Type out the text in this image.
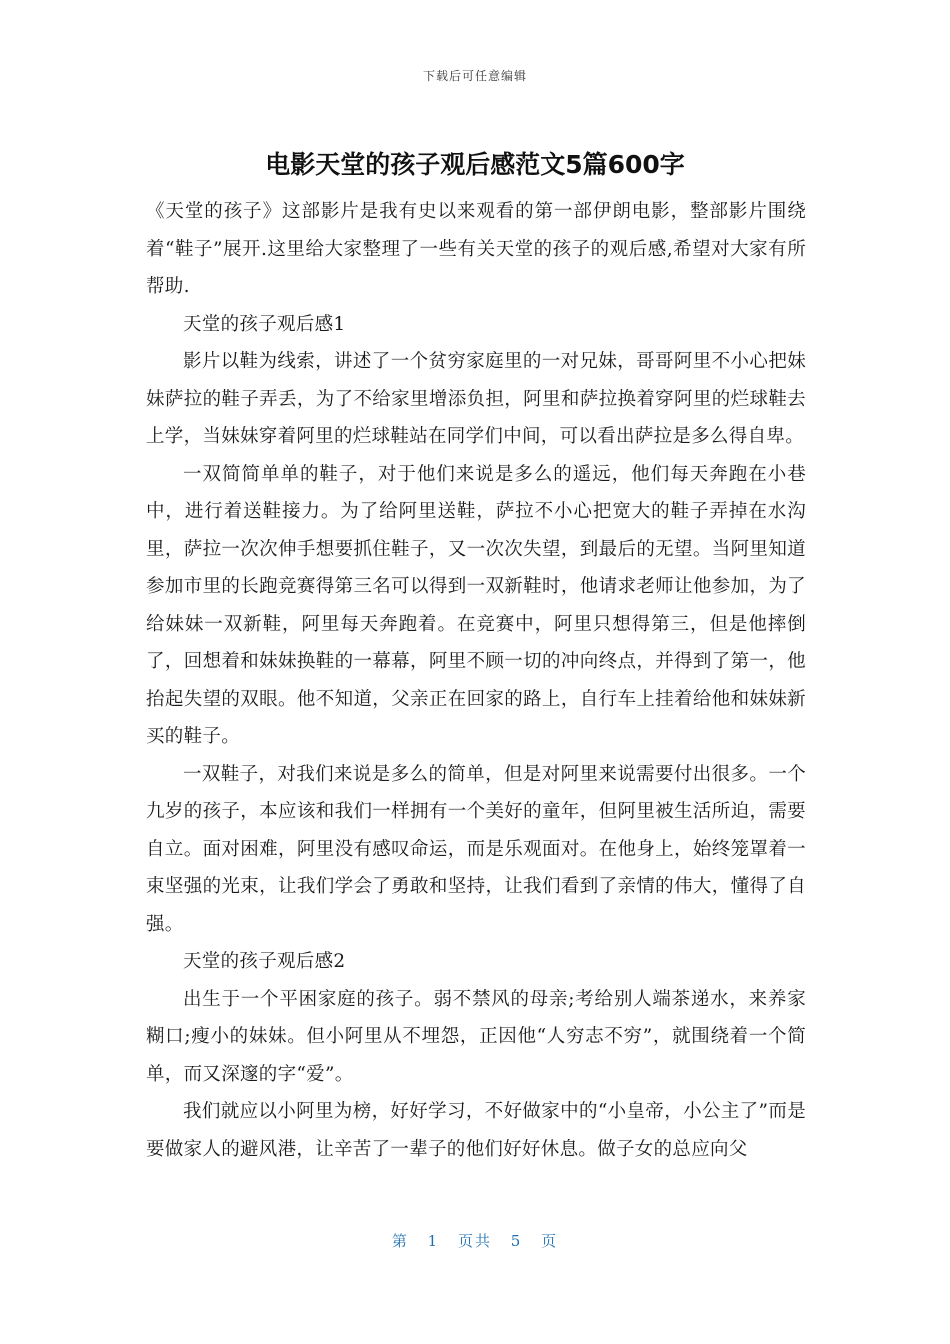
下载后可任意编辑
电影天堂的孩子观后感范文5篇600字

《天堂的孩子》这部影片是我有史以来观看的第一部伊朗电影，整部影片围绕着“鞋子”展开.这里给大家整理了一些有关天堂的孩子的观后感,希望对大家有所帮助.

天堂的孩子观后感1

影片以鞋为线索，讲述了一个贫穷家庭里的一对兄妹，哥哥阿里不小心把妹妹萨拉的鞋子弄丢，为了不给家里增添负担，阿里和萨拉换着穿阿里的烂球鞋去上学，当妹妹穿着阿里的烂球鞋站在同学们中间，可以看出萨拉是多么得自卑。

一双简简单单的鞋子，对于他们来说是多么的遥远，他们每天奔跑在小巷中，进行着送鞋接力。为了给阿里送鞋，萨拉不小心把宽大的鞋子弄掉在水沟里，萨拉一次次伸手想要抓住鞋子，又一次次失望，到最后的无望。当阿里知道参加市里的长跑竞赛得第三名可以得到一双新鞋时，他请求老师让他参加，为了给妹妹一双新鞋，阿里每天奔跑着。在竞赛中，阿里只想得第三，但是他摔倒了，回想着和妹妹换鞋的一幕幕，阿里不顾一切的冲向终点，并得到了第一，他抬起失望的双眼。他不知道，父亲正在回家的路上，自行车上挂着给他和妹妹新买的鞋子。

一双鞋子，对我们来说是多么的简单，但是对阿里来说需要付出很多。一个九岁的孩子，本应该和我们一样拥有一个美好的童年，但阿里被生活所迫，需要自立。面对困难，阿里没有感叹命运，而是乐观面对。在他身上，始终笼罩着一束坚强的光束，让我们学会了勇敢和坚持，让我们看到了亲情的伟大，懂得了自强。

天堂的孩子观后感2

出生于一个平困家庭的孩子。弱不禁风的母亲;考给别人端茶递水，来养家糊口;瘦小的妹妹。但小阿里从不埋怨，正因他“人穷志不穷”，就围绕着一个简单，而又深邃的字“爱”。

我们就应以小阿里为榜，好好学习，不好做家中的“小皇帝，小公主了”而是要做家人的避风港，让辛苦了一辈子的他们好好休息。做子女的总应向父

第 1 页共 5 页
